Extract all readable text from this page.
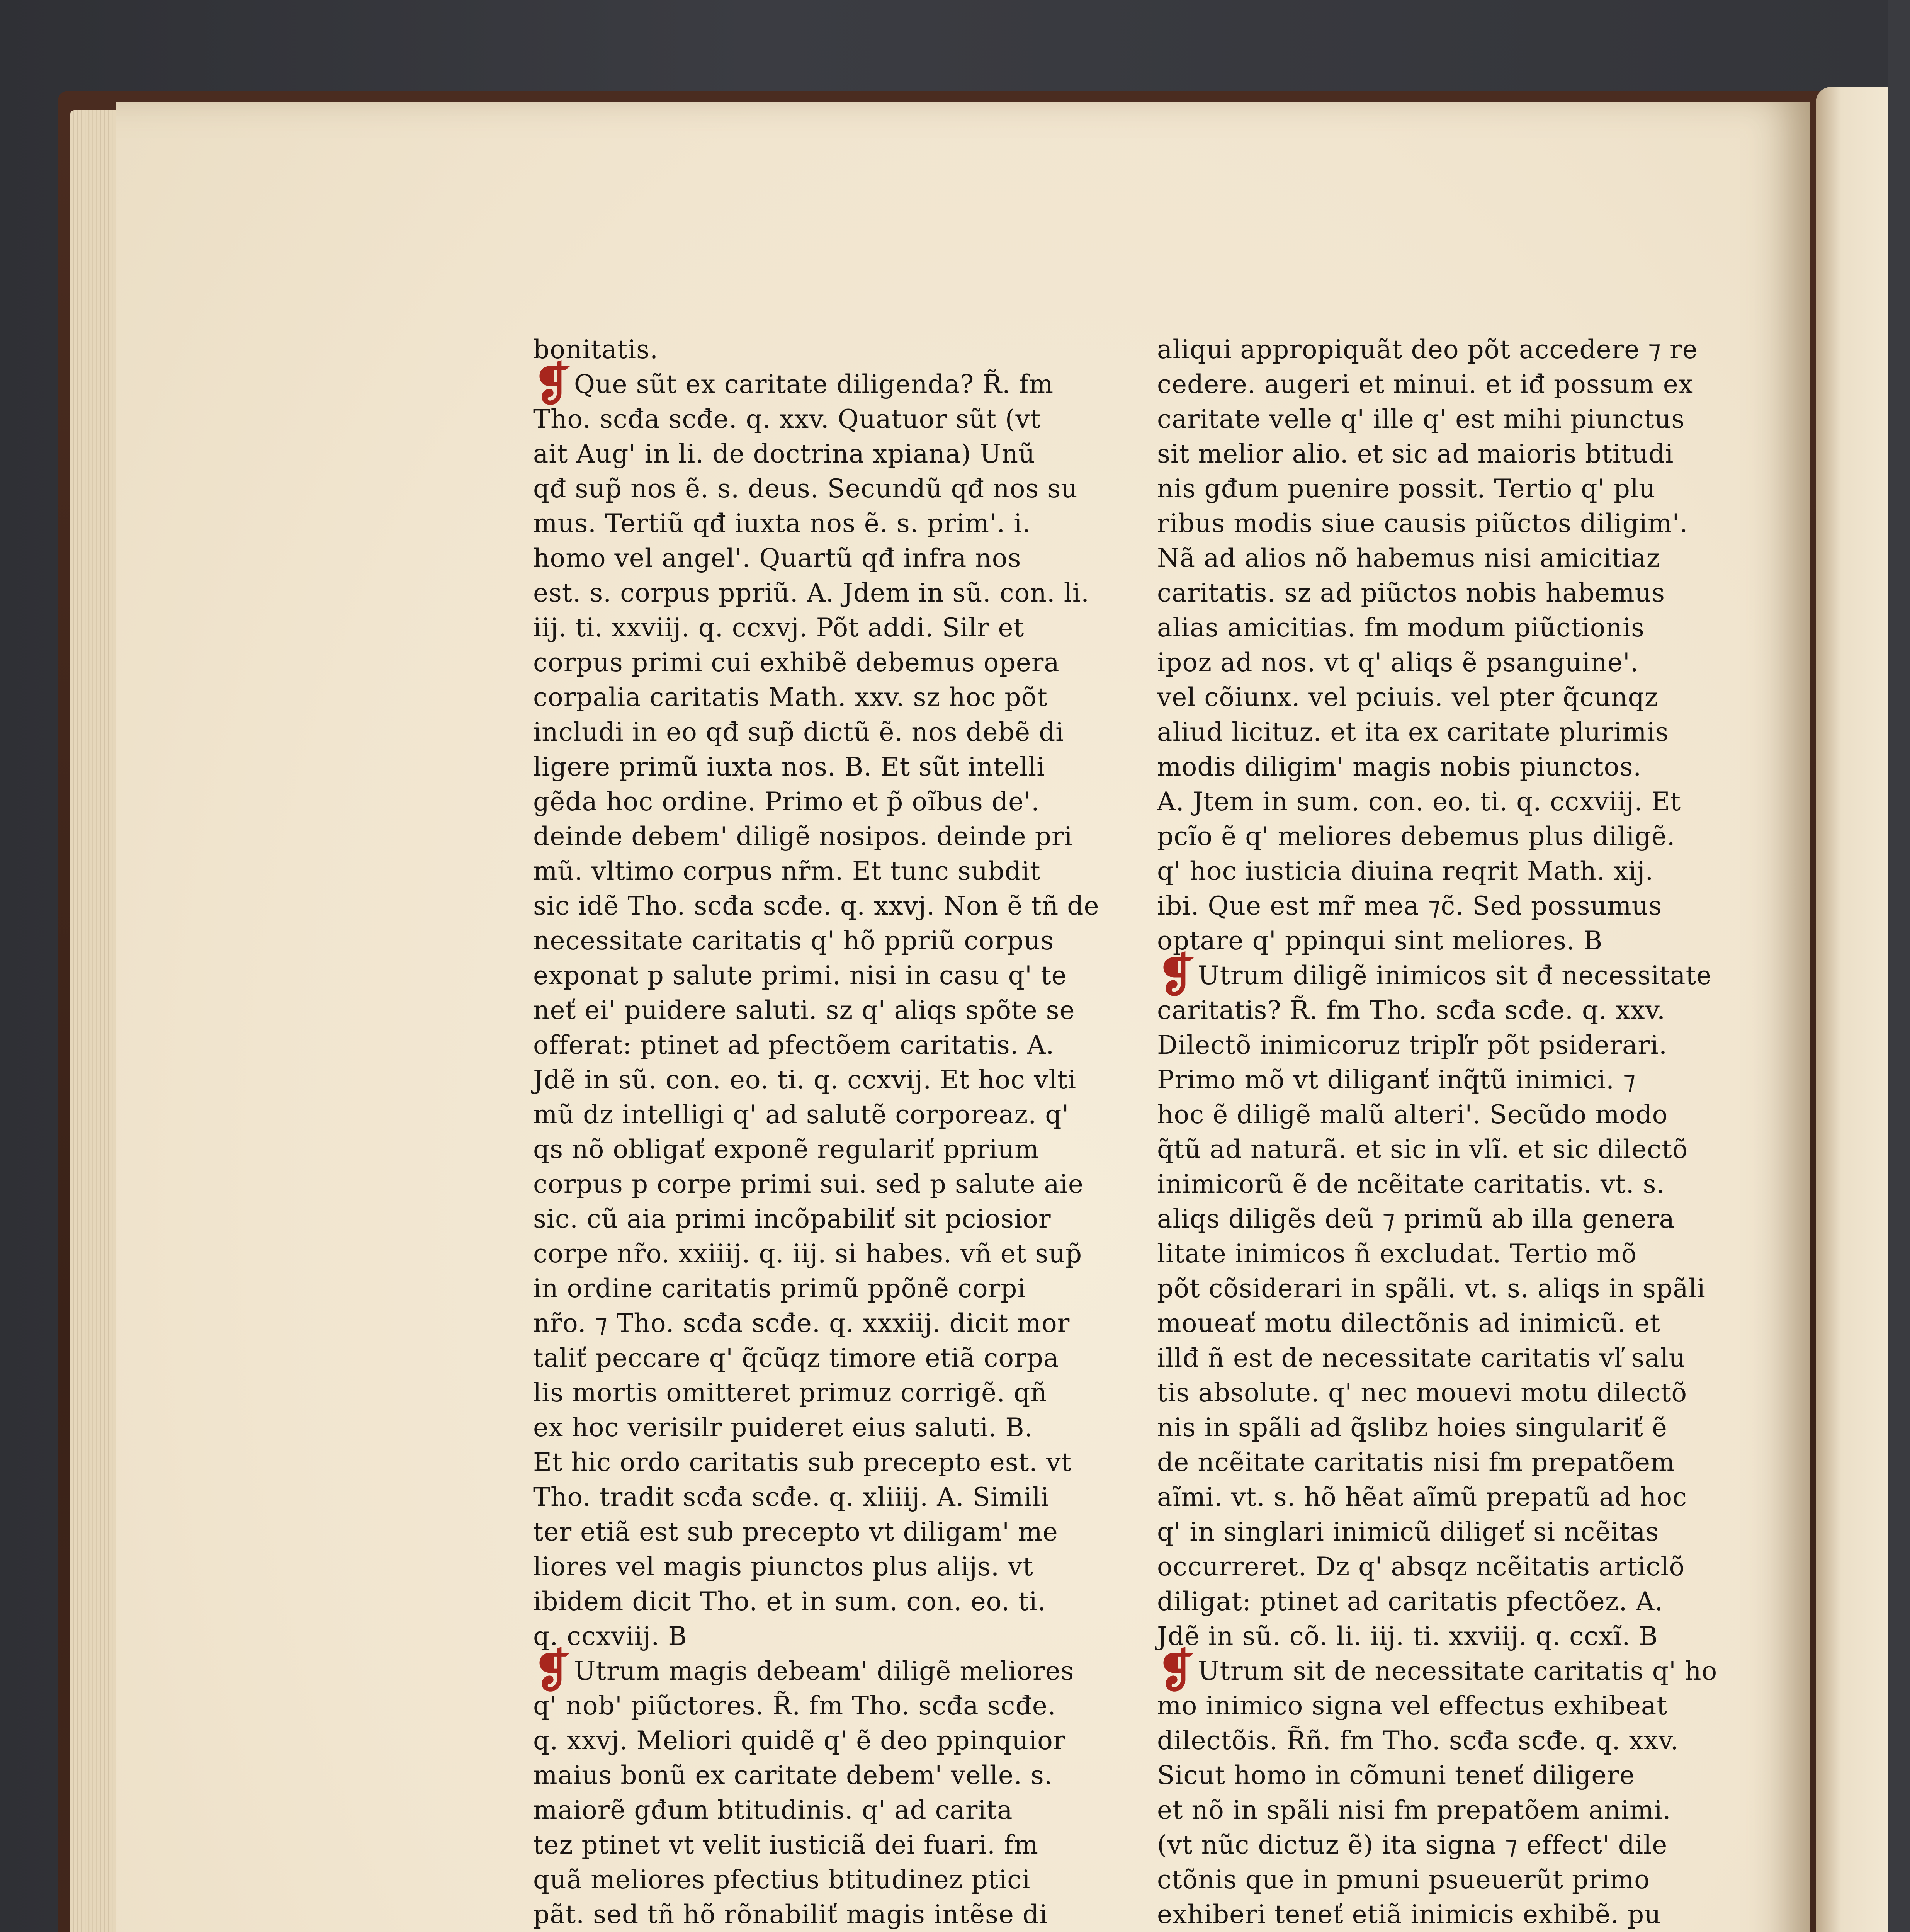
bonitatis.
❡Que sũt ex caritate diligenda? R̃. fm
Tho. scđa scđe. q. xxv. Quatuor sũt (vt
ait Aug' in li. de doctrina xpiana) Unũ
qđ sup̃ nos ẽ. s. deus. Secundũ qđ nos su
mus. Tertiũ qđ iuxta nos ẽ. s. prim'. i.
homo vel angel'. Quartũ qđ infra nos
est. s. corpus ppriũ. A. Jdem in sũ. con. li.
iij. ti. xxviij. q. ccxvj. Põt addi. Silr et
corpus primi cui exhibẽ debemus opera
corpalia caritatis Math. xxv. sz hoc põt
includi in eo qđ sup̃ dictũ ẽ. nos debẽ di
ligere primũ iuxta nos. B. Et sũt intelli
gẽda hoc ordine. Primo et p̃ oĩbus de'.
deinde debem' diligẽ nosipos. deinde pri
mũ. vltimo corpus nr̃m. Et tunc subdit
sic idẽ Tho. scđa scđe. q. xxvj. Non ẽ tñ de
necessitate caritatis q' hõ ppriũ corpus
exponat p salute primi. nisi in casu q' te
neť ei' puidere saluti. sz q' aliqs spõte se
offerat: ptinet ad pfectõem caritatis. A.
Jdẽ in sũ. con. eo. ti. q. ccxvij. Et hoc vlti
mũ dz intelligi q' ad salutẽ corporeaz. q'
qs nõ obligať exponẽ regulariť pprium
corpus p corpe primi sui. sed p salute aie
sic. cũ aia primi incõpabiliť sit pciosior
corpe nr̃o. xxiiij. q. iij. si habes. vñ et sup̃
in ordine caritatis primũ ppõnẽ corpi
nr̃o. ⁊ Tho. scđa scđe. q. xxxiij. dicit mor
taliť peccare q' q̃cũqz timore etiã corpa
lis mortis omitteret primuz corrigẽ. qñ
ex hoc verisilr puideret eius saluti. B.
Et hic ordo caritatis sub precepto est. vt
Tho. tradit scđa scđe. q. xliiij. A. Simili
ter etiã est sub precepto vt diligam' me
liores vel magis piunctos plus alijs. vt
ibidem dicit Tho. et in sum. con. eo. ti.
q. ccxviij. B
❡Utrum magis debeam' diligẽ meliores
q' nob' piũctores. R̃. fm Tho. scđa scđe.
q. xxvj. Meliori quidẽ q' ẽ deo ppinquior
maius bonũ ex caritate debem' velle. s.
maiorẽ gđum btitudinis. q' ad carita
tez ptinet vt velit iusticiã dei fuari. fm
quã meliores pfectius btitudinez ptici
pãt. sed tñ hõ rõnabiliť magis intẽse di
aliqui appropiquãt deo põt accedere ⁊ re
cedere. augeri et minui. et iđ possum ex
caritate velle q' ille q' est mihi piunctus
sit melior alio. et sic ad maioris btitudi
nis gđum puenire possit. Tertio q' plu
ribus modis siue causis piũctos diligim'.
Nã ad alios nõ habemus nisi amicitiaz
caritatis. sz ad piũctos nobis habemus
alias amicitias. fm modum piũctionis
ipoz ad nos. vt q' aliqs ẽ psanguine'.
vel cõiunx. vel pciuis. vel pter q̃cunqz
aliud licituz. et ita ex caritate plurimis
modis diligim' magis nobis piunctos.
A. Jtem in sum. con. eo. ti. q. ccxviij. Et
pcĩo ẽ q' meliores debemus plus diligẽ.
q' hoc iusticia diuina reqrit Math. xij.
ibi. Que est mr̃ mea ⁊c̃. Sed possumus
optare q' ppinqui sint meliores. B
❡Utrum diligẽ inimicos sit đ necessitate
caritatis? R̃. fm Tho. scđa scđe. q. xxv.
Dilectõ inimicoruz tripľr põt psiderari.
Primo mõ vt diliganť inq̃tũ inimici. ⁊
hoc ẽ diligẽ malũ alteri'. Secũdo modo
q̃tũ ad naturã. et sic in vlĩ. et sic dilectõ
inimicorũ ẽ de ncẽitate caritatis. vt. s.
aliqs diligẽs deũ ⁊ primũ ab illa genera
litate inimicos ñ excludat. Tertio mõ
põt cõsiderari in spãli. vt. s. aliqs in spãli
moueať motu dilectõnis ad inimicũ. et
illđ ñ est de necessitate caritatis vľ salu
tis absolute. q' nec mouevi motu dilectõ
nis in spãli ad q̃slibz hoies singulariť ẽ
de ncẽitate caritatis nisi fm prepatõem
aĩmi. vt. s. hõ hẽat aĩmũ prepatũ ad hoc
q' in singlari inimicũ diligeť si ncẽitas
occurreret. Dz q' absqz ncẽitatis articlõ
diligat: ptinet ad caritatis pfectõez. A.
Jdẽ in sũ. cõ. li. iij. ti. xxviij. q. ccxĩ. B
❡Utrum sit de necessitate caritatis q' ho
mo inimico signa vel effectus exhibeat
dilectõis. R̃ñ. fm Tho. scđa scđe. q. xxv.
Sicut homo in cõmuni teneť diligere
et nõ in spãli nisi fm prepatõem animi.
(vt nũc dictuz ẽ) ita signa ⁊ effect' dile
ctõnis que in pmuni psueuerũt primo
exhiberi teneť etiã inimicis exhibẽ. pu
